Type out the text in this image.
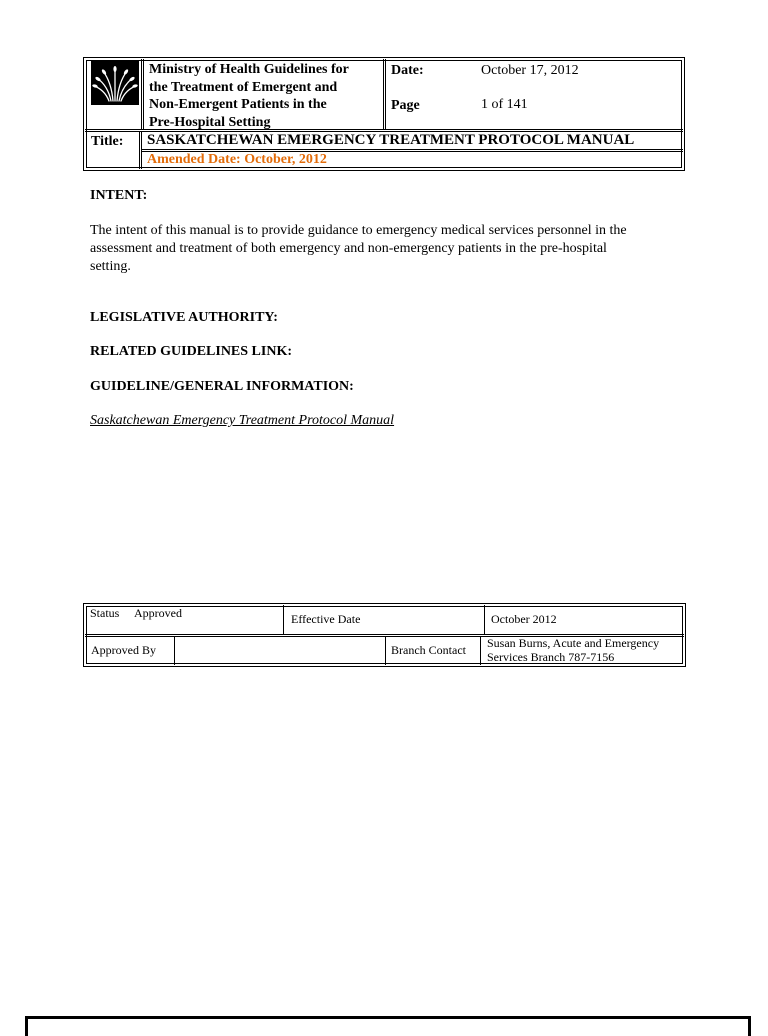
Ministry of Health Guidelines for
the Treatment of Emergent and
Non-Emergent Patients in the
Pre-Hospital Setting
Date:	October 17, 2012
Page	1 of 141
Title: SASKATCHEWAN EMERGENCY TREATMENT PROTOCOL MANUAL
Amended Date: October, 2012
INTENT:
The intent of this manual is to provide guidance to emergency medical services personnel in the
assessment and treatment of both emergency and non-emergency patients in the pre-hospital
setting.
LEGISLATIVE AUTHORITY:
RELATED GUIDELINES LINK:
GUIDELINE/GENERAL INFORMATION:
Saskatchewan Emergency Treatment Protocol Manual
Status Approved	Effective Date	October 2012
Approved By	Branch Contact Susan Burns, Acute and Emergency
Services Branch 787-7156
